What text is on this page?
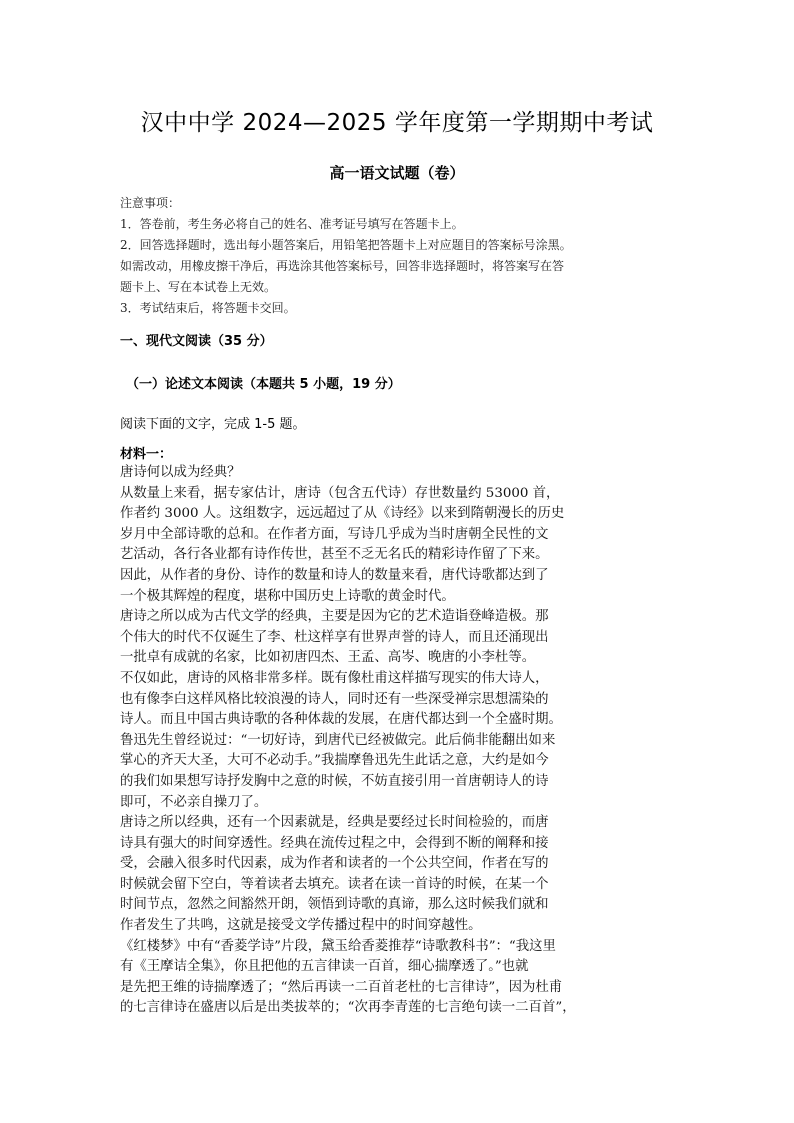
汉中中学 2024—2025 学年度第一学期期中考试
高一语文试题（卷）
注意事项：
1．答卷前，考生务必将自己的姓名、准考证号填写在答题卡上。
2．回答选择题时，选出每小题答案后，用铅笔把答题卡上对应题目的答案标号涂黑。
如需改动，用橡皮擦干净后，再选涂其他答案标号，回答非选择题时，将答案写在答
题卡上、写在本试卷上无效。
3．考试结束后，将答题卡交回。
一、现代文阅读（35 分）
（一）论述文本阅读（本题共 5 小题，19 分）
阅读下面的文字，完成 1-5 题。
材料一：
唐诗何以成为经典？
从数量上来看，据专家估计，唐诗（包含五代诗）存世数量约 53000 首，
作者约 3000 人。这组数字，远远超过了从《诗经》以来到隋朝漫长的历史
岁月中全部诗歌的总和。在作者方面，写诗几乎成为当时唐朝全民性的文
艺活动，各行各业都有诗作传世，甚至不乏无名氏的精彩诗作留了下来。
因此，从作者的身份、诗作的数量和诗人的数量来看，唐代诗歌都达到了
一个极其辉煌的程度，堪称中国历史上诗歌的黄金时代。
唐诗之所以成为古代文学的经典，主要是因为它的艺术造诣登峰造极。那
个伟大的时代不仅诞生了李、杜这样享有世界声誉的诗人，而且还涌现出
一批卓有成就的名家，比如初唐四杰、王孟、高岑、晚唐的小李杜等。
不仅如此，唐诗的风格非常多样。既有像杜甫这样描写现实的伟大诗人，
也有像李白这样风格比较浪漫的诗人，同时还有一些深受禅宗思想濡染的
诗人。而且中国古典诗歌的各种体裁的发展，在唐代都达到一个全盛时期。
鲁迅先生曾经说过：“一切好诗，到唐代已经被做完。此后倘非能翻出如来
掌心的齐天大圣，大可不必动手。”我揣摩鲁迅先生此话之意，大约是如今
的我们如果想写诗抒发胸中之意的时候，不妨直接引用一首唐朝诗人的诗
即可，不必亲自操刀了。
唐诗之所以经典，还有一个因素就是，经典是要经过长时间检验的，而唐
诗具有强大的时间穿透性。经典在流传过程之中，会得到不断的阐释和接
受，会融入很多时代因素，成为作者和读者的一个公共空间，作者在写的
时候就会留下空白，等着读者去填充。读者在读一首诗的时候，在某一个
时间节点，忽然之间豁然开朗，领悟到诗歌的真谛，那么这时候我们就和
作者发生了共鸣，这就是接受文学传播过程中的时间穿越性。
《红楼梦》中有“香菱学诗”片段，黛玉给香菱推荐“诗歌教科书”：“我这里
有《王摩诘全集》，你且把他的五言律读一百首，细心揣摩透了。”也就
是先把王维的诗揣摩透了；“然后再读一二百首老杜的七言律诗”，因为杜甫
的七言律诗在盛唐以后是出类拔萃的；“次再李青莲的七言绝句读一二百首”，
